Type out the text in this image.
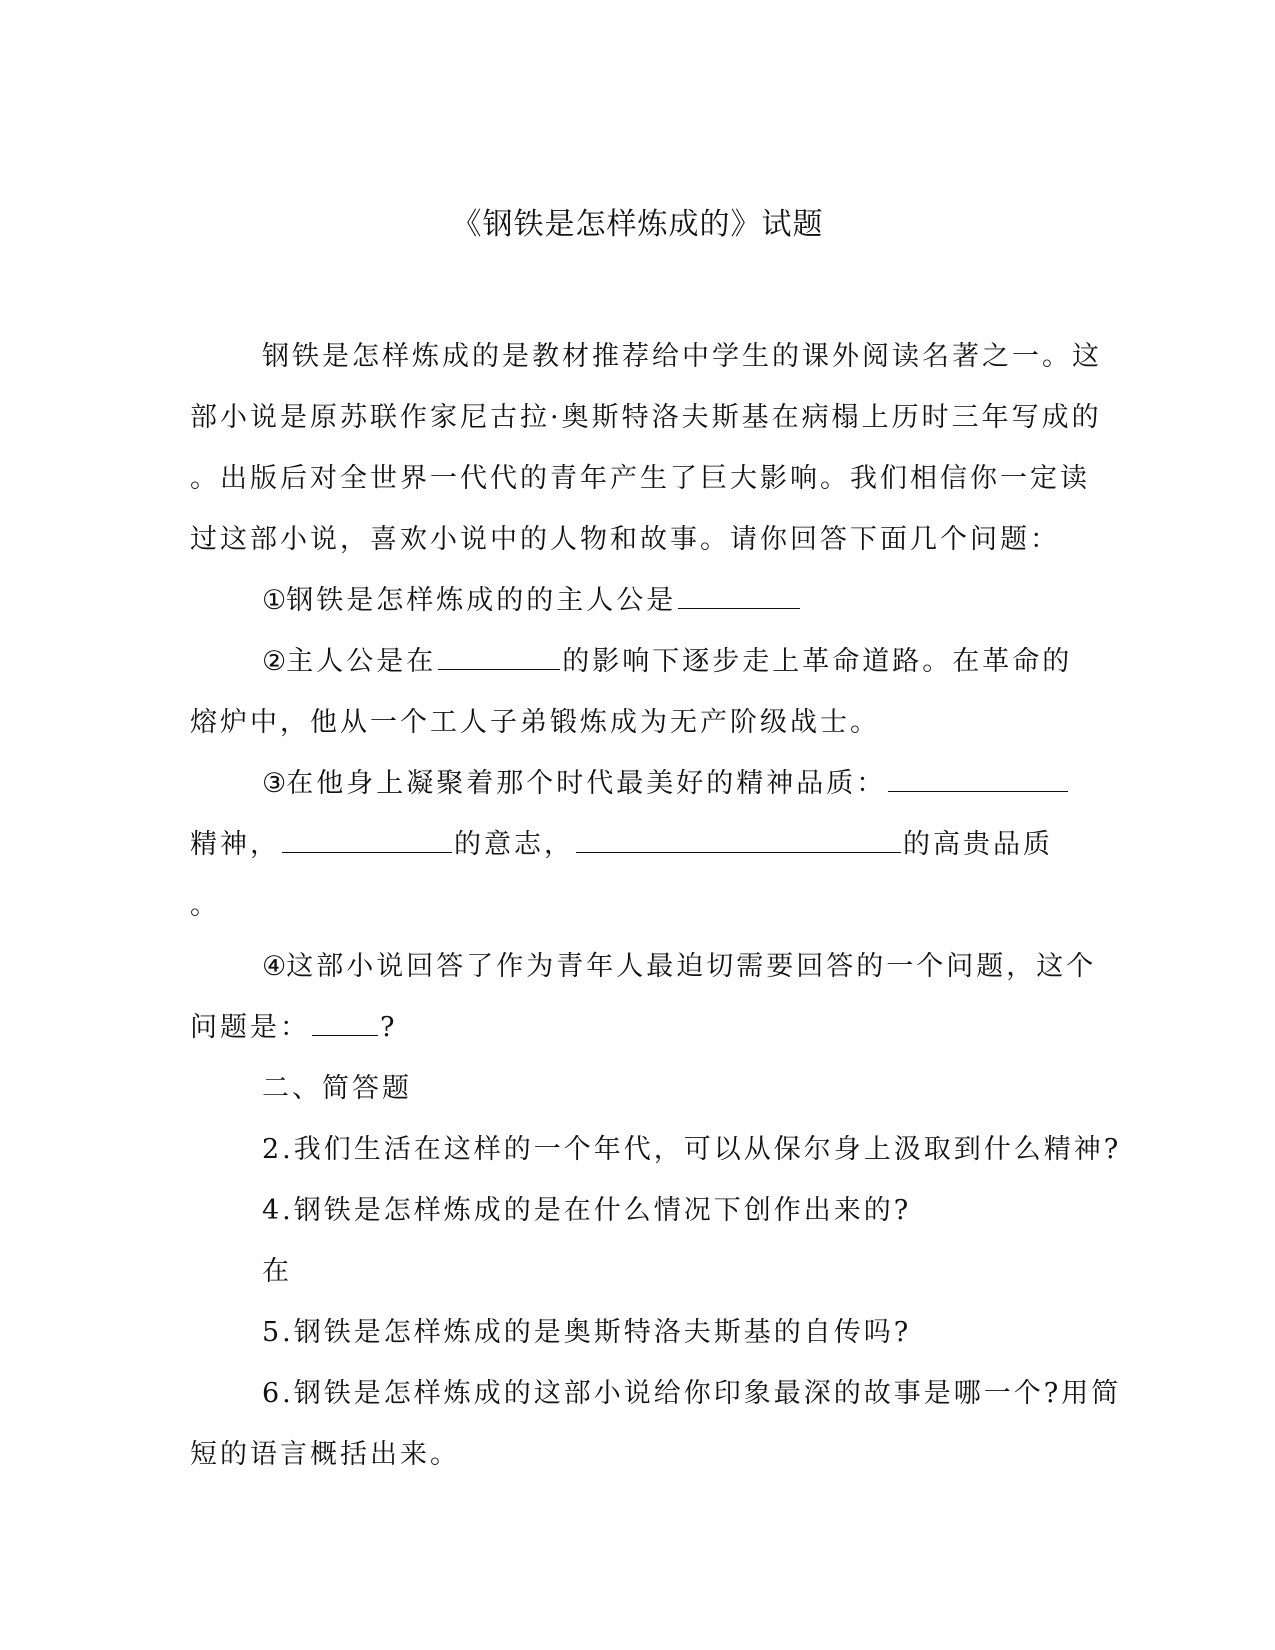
《钢铁是怎样炼成的》试题
钢铁是怎样炼成的是教材推荐给中学生的课外阅读名著之一。这
部小说是原苏联作家尼古拉·奥斯特洛夫斯基在病榻上历时三年写成的
。出版后对全世界一代代的青年产生了巨大影响。我们相信你一定读
过这部小说，喜欢小说中的人物和故事。请你回答下面几个问题：
①钢铁是怎样炼成的的主人公是
②主人公是在	的影响下逐步走上革命道路。在革命的
熔炉中，他从一个工人子弟锻炼成为无产阶级战士。
③在他身上凝聚着那个时代最美好的精神品质：
精神，	的意志，	的高贵品质
。
④这部小说回答了作为青年人最迫切需要回答的一个问题，这个
问题是：	?
二、简答题
2.我们生活在这样的一个年代，可以从保尔身上汲取到什么精神?
4.钢铁是怎样炼成的是在什么情况下创作出来的?
在
5.钢铁是怎样炼成的是奥斯特洛夫斯基的自传吗?
6.钢铁是怎样炼成的这部小说给你印象最深的故事是哪一个?用简
短的语言概括出来。
